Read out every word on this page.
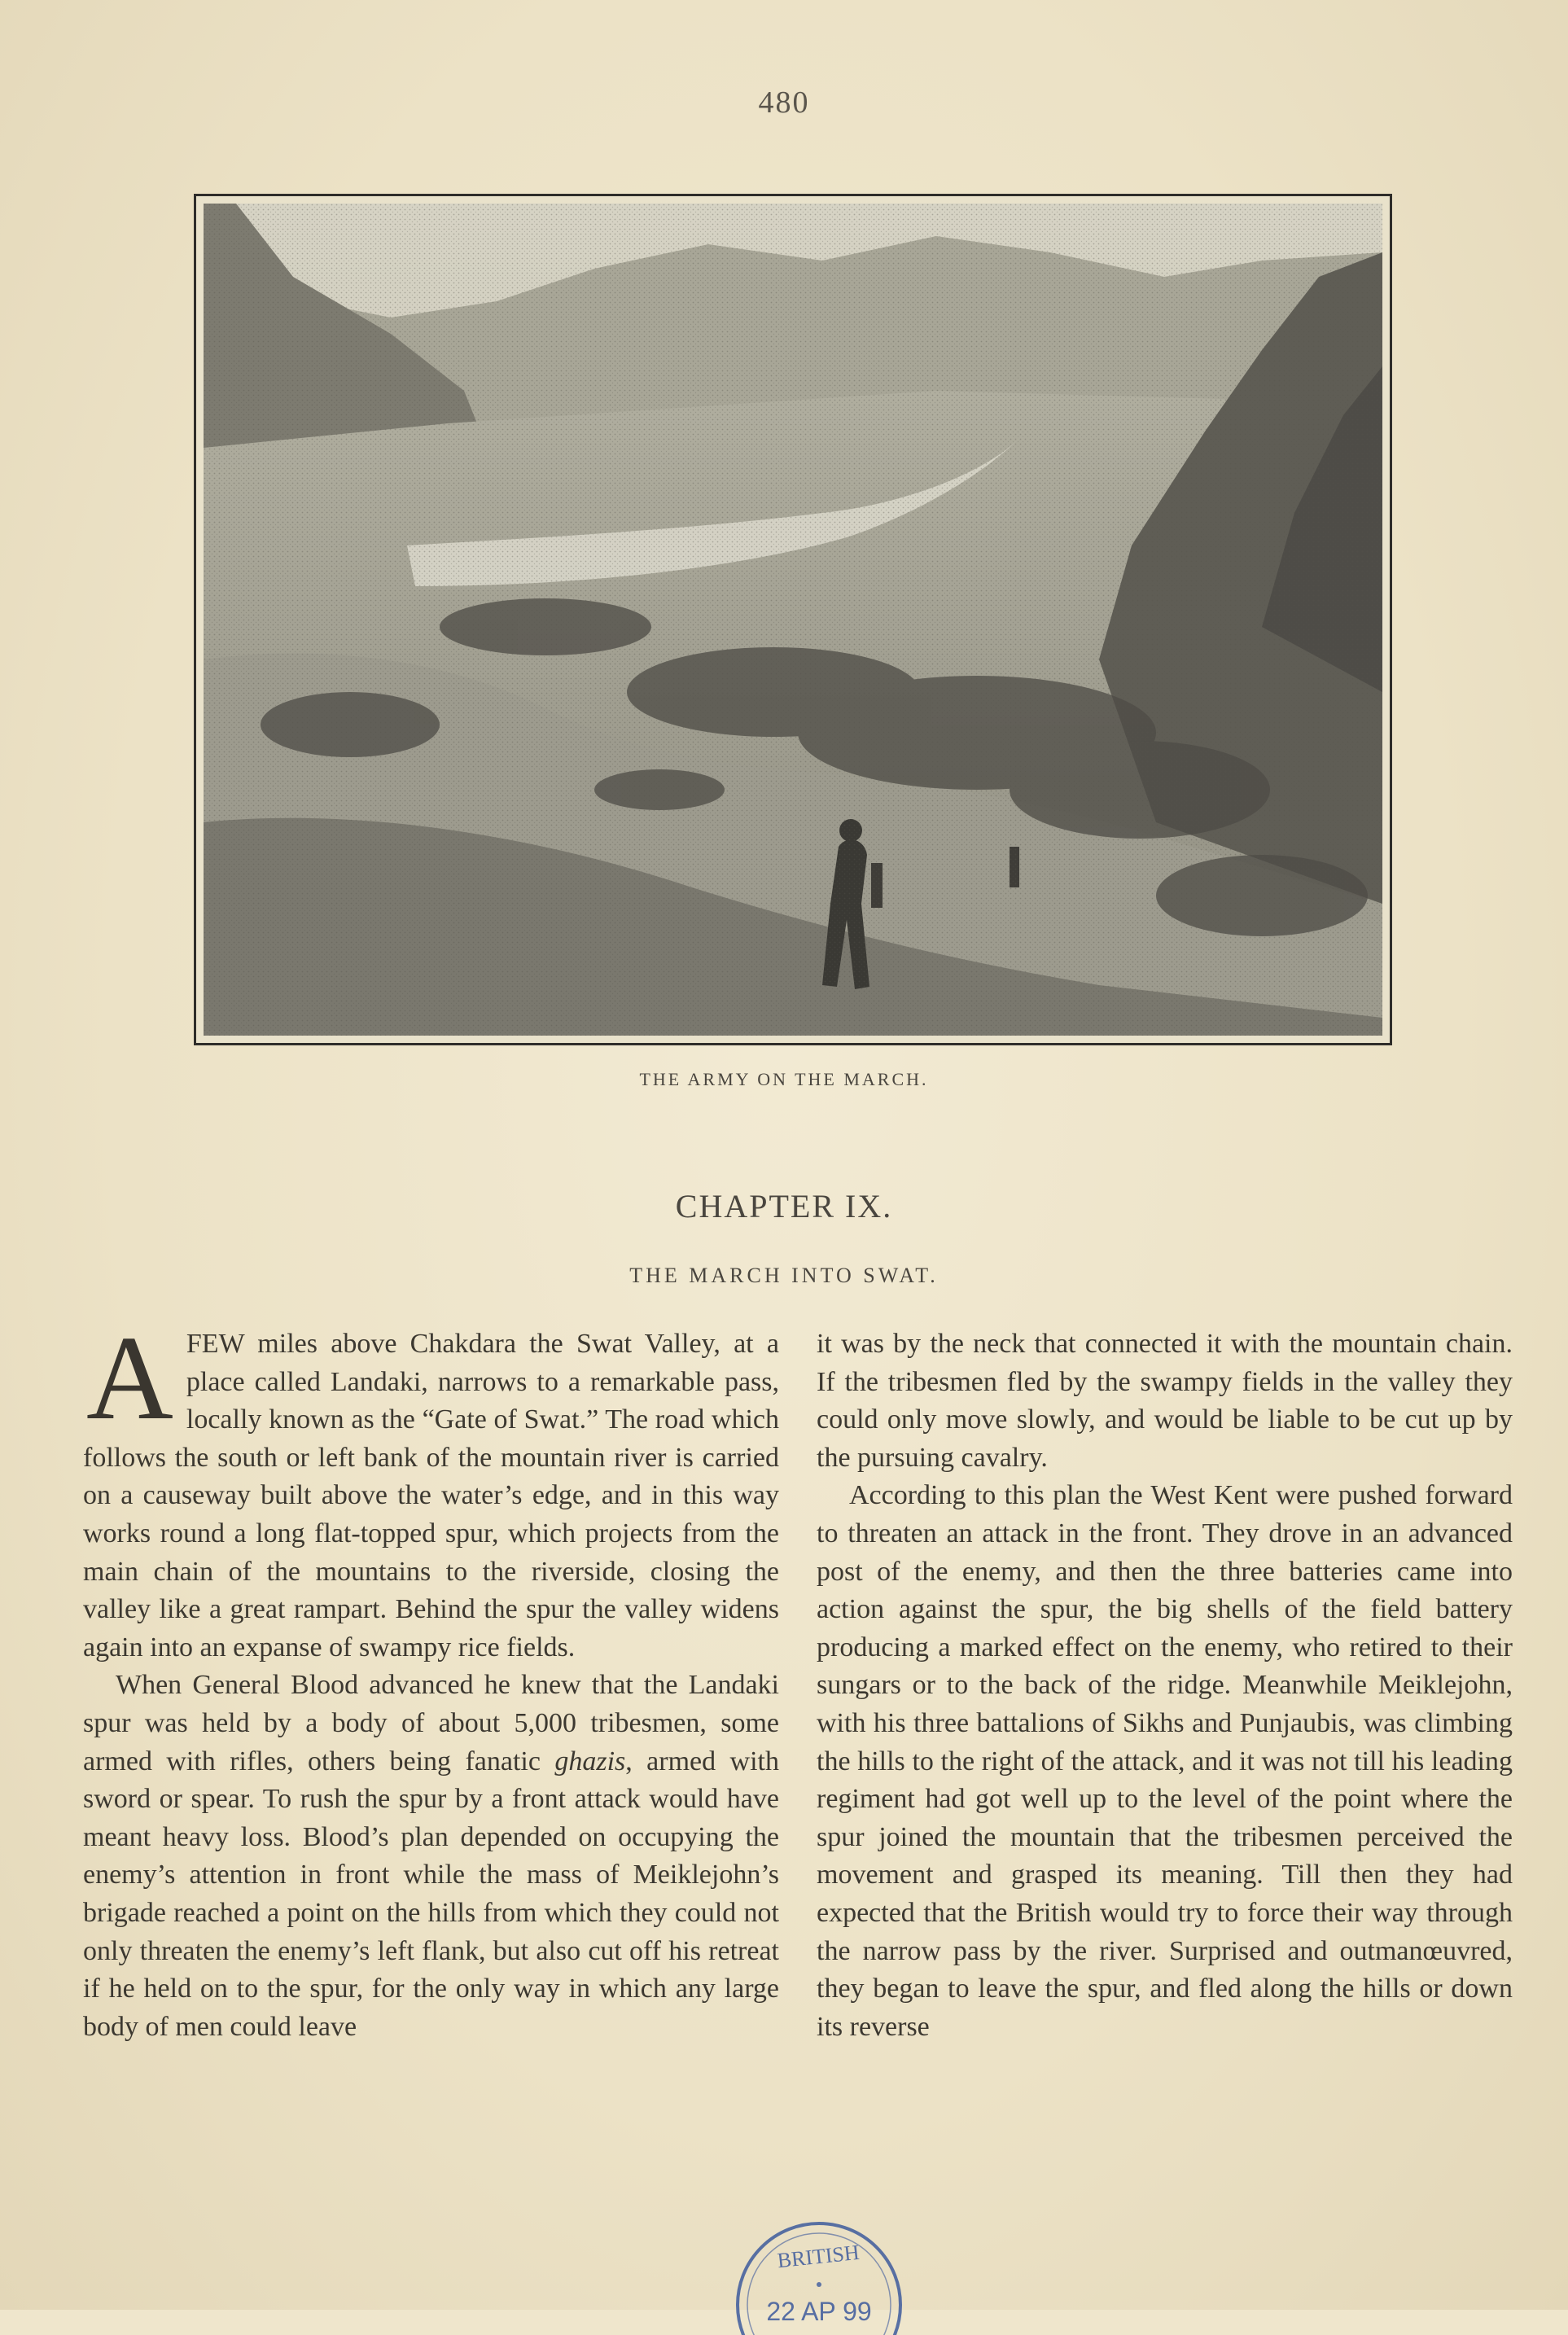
480
THE ARMY ON THE MARCH.
CHAPTER IX.
THE MARCH INTO SWAT.

AFEW miles above Chakdara the Swat Valley, at a place called Landaki, narrows to a remarkable pass, locally known as the “Gate of Swat.” The road which follows the south or left bank of the mountain river is carried on a causeway built above the water’s edge, and in this way works round a long flat-topped spur, which projects from the main chain of the mountains to the riverside, closing the valley like a great rampart. Behind the spur the valley widens again into an expanse of swampy rice fields.

When General Blood advanced he knew that the Landaki spur was held by a body of about 5,000 tribesmen, some armed with rifles, others being fanatic ghazis, armed with sword or spear. To rush the spur by a front attack would have meant heavy loss. Blood’s plan depended on occupying the enemy’s attention in front while the mass of Meiklejohn’s brigade reached a point on the hills from which they could not only threaten the enemy’s left flank, but also cut off his retreat if he held on to the spur, for the only way in which any large body of men could leave

it was by the neck that connected it with the mountain chain. If the tribesmen fled by the swampy fields in the valley they could only move slowly, and would be liable to be cut up by the pursuing cavalry.

According to this plan the West Kent were pushed forward to threaten an attack in the front. They drove in an advanced post of the enemy, and then the three batteries came into action against the spur, the big shells of the field battery producing a marked effect on the enemy, who retired to their sungars or to the back of the ridge. Meanwhile Meiklejohn, with his three battalions of Sikhs and Punjaubis, was climbing the hills to the right of the attack, and it was not till his leading regiment had got well up to the level of the point where the spur joined the mountain that the tribesmen perceived the movement and grasped its meaning. Till then they had expected that the British would try to force their way through the narrow pass by the river. Surprised and outmanœuvred, they began to leave the spur, and fled along the hills or down its reverse

BRITISH
22 AP 99
